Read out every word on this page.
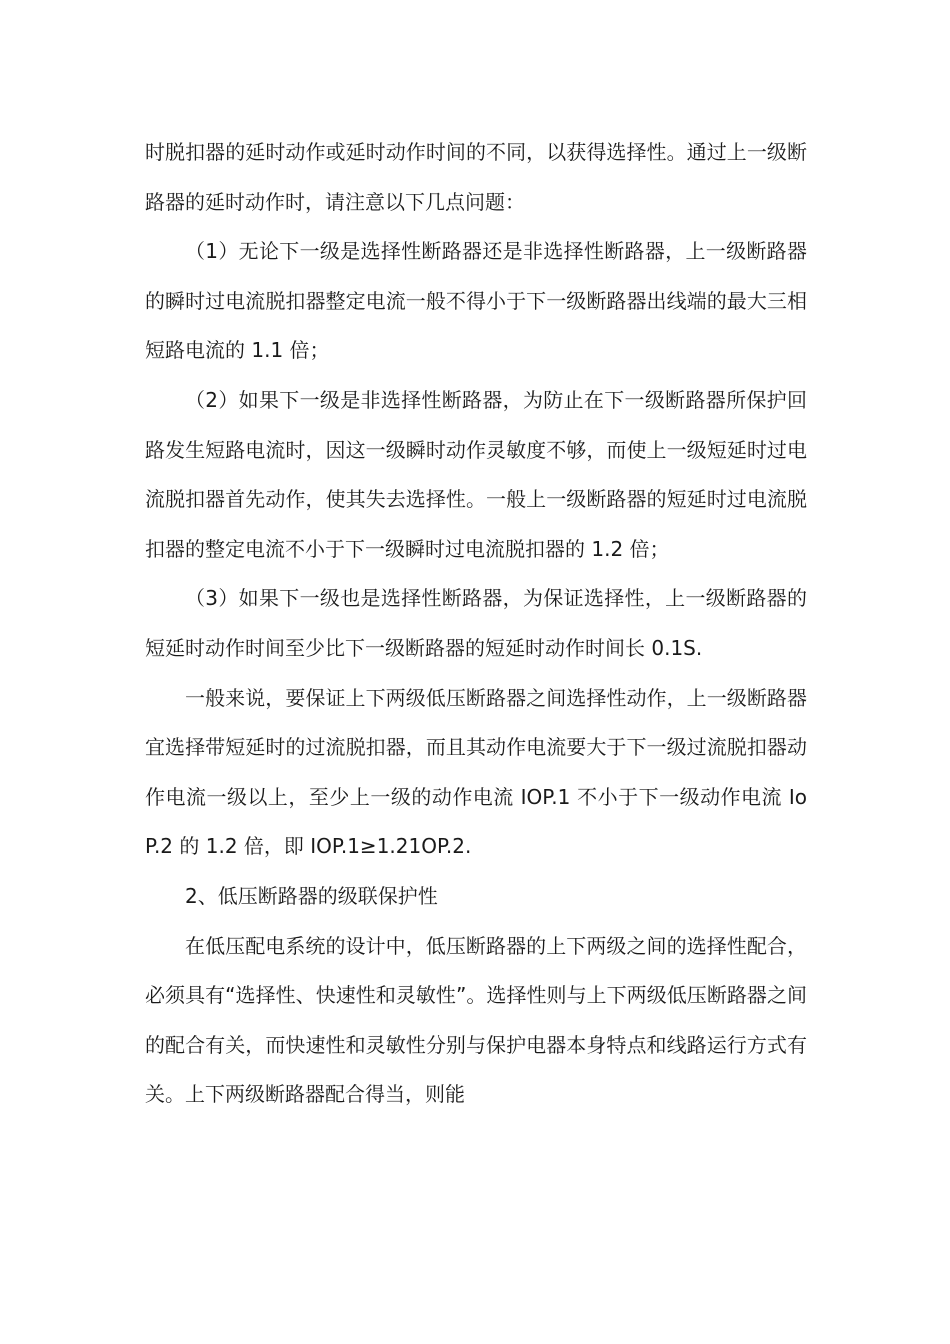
时脱扣器的延时动作或延时动作时间的不同，以获得选择性。通过上一级断路器的延时动作时，请注意以下几点问题：

（1）无论下一级是选择性断路器还是非选择性断路器，上一级断路器的瞬时过电流脱扣器整定电流一般不得小于下一级断路器出线端的最大三相短路电流的 1.1 倍；

（2）如果下一级是非选择性断路器，为防止在下一级断路器所保护回路发生短路电流时，因这一级瞬时动作灵敏度不够，而使上一级短延时过电流脱扣器首先动作，使其失去选择性。一般上一级断路器的短延时过电流脱扣器的整定电流不小于下一级瞬时过电流脱扣器的 1.2 倍；

（3）如果下一级也是选择性断路器，为保证选择性，上一级断路器的短延时动作时间至少比下一级断路器的短延时动作时间长 0.1S.

一般来说，要保证上下两级低压断路器之间选择性动作，上一级断路器宜选择带短延时的过流脱扣器，而且其动作电流要大于下一级过流脱扣器动作电流一级以上，至少上一级的动作电流 IOP.1 不小于下一级动作电流 IoP.2 的 1.2 倍，即 IOP.1≥1.21OP.2.

2、低压断路器的级联保护性

在低压配电系统的设计中，低压断路器的上下两级之间的选择性配合，必须具有“选择性、快速性和灵敏性”。选择性则与上下两级低压断路器之间的配合有关，而快速性和灵敏性分别与保护电器本身特点和线路运行方式有关。上下两级断路器配合得当，则能
